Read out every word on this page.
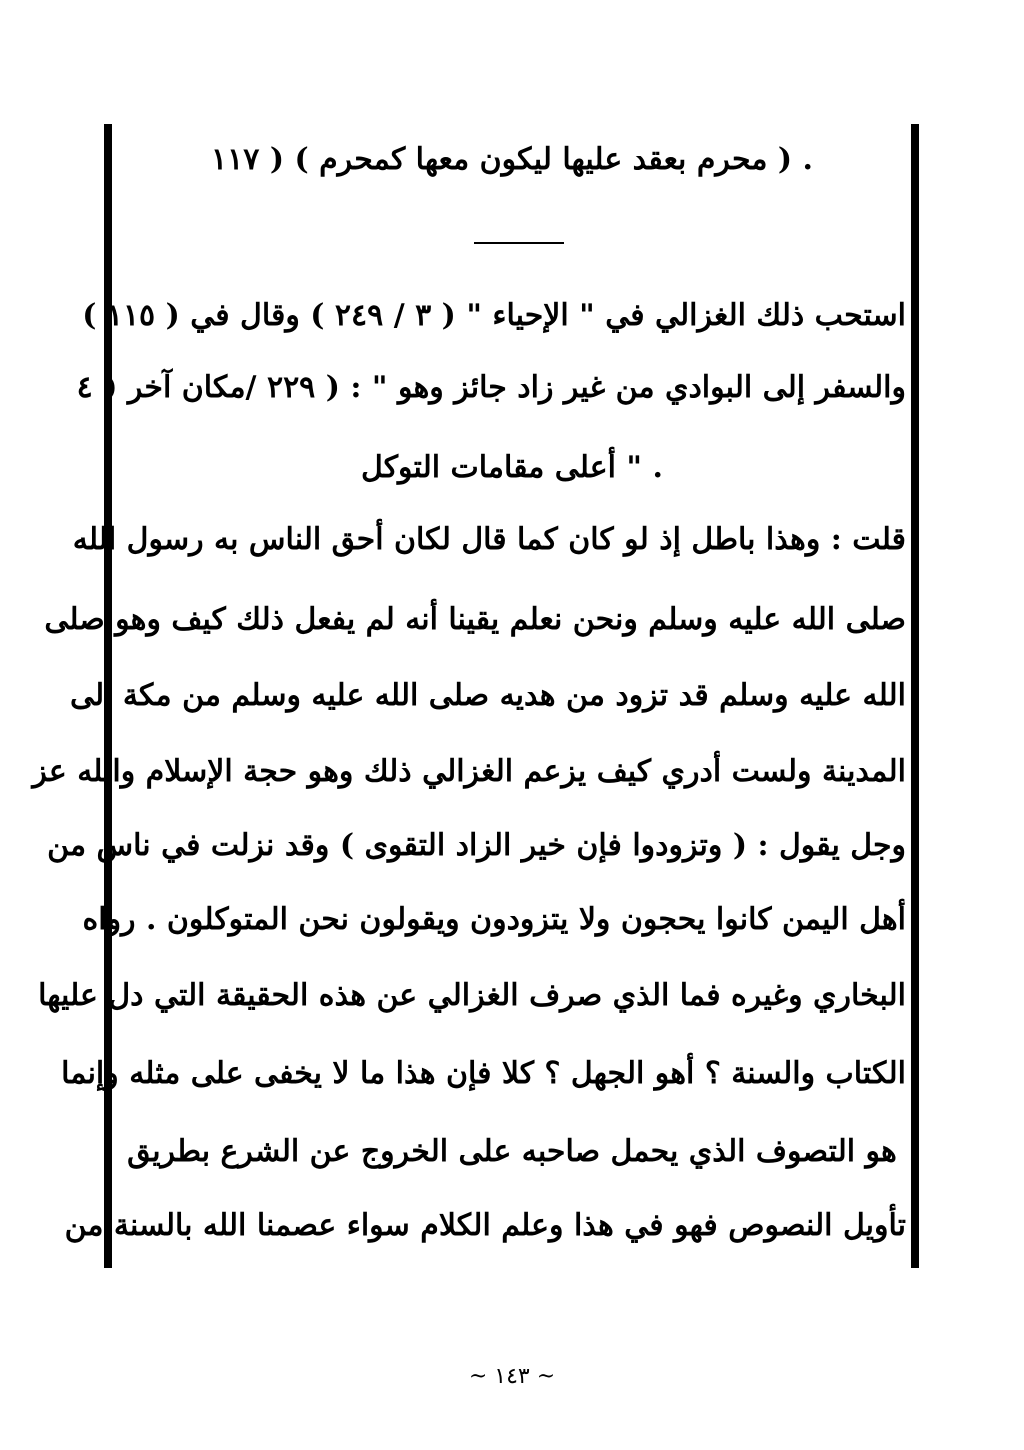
. ( محرم بعقد عليها ليكون معها كمحرم ) ( ١١٧
استحب ذلك الغزالي في " الإحياء " ( ٣ / ٢٤٩ ) وقال في ( ١١٥ )
والسفر إلى البوادي من غير زاد جائز وهو " : ( ٢٢٩ /مكان آخر ( ٤
. " أعلى مقامات التوكل
قلت : وهذا باطل إذ لو كان كما قال لكان أحق الناس به رسول الله
صلى الله عليه وسلم ونحن نعلم يقينا أنه لم يفعل ذلك كيف وهو صلى
الله عليه وسلم قد تزود من هديه صلى الله عليه وسلم من مكة إلى
المدينة ولست أدري كيف يزعم الغزالي ذلك وهو حجة الإسلام والله عز
وجل يقول : ( وتزودوا فإن خير الزاد التقوى ) وقد نزلت في ناس من
أهل اليمن كانوا يحجون ولا يتزودون ويقولون نحن المتوكلون . رواه
البخاري وغيره فما الذي صرف الغزالي عن هذه الحقيقة التي دل عليها
الكتاب والسنة ؟ أهو الجهل ؟ كلا فإن هذا ما لا يخفى على مثله وإنما
هو التصوف الذي يحمل صاحبه على الخروج عن الشرع بطريق
تأويل النصوص فهو في هذا وعلم الكلام سواء عصمنا الله بالسنة من
~ ١٤٣ ~
